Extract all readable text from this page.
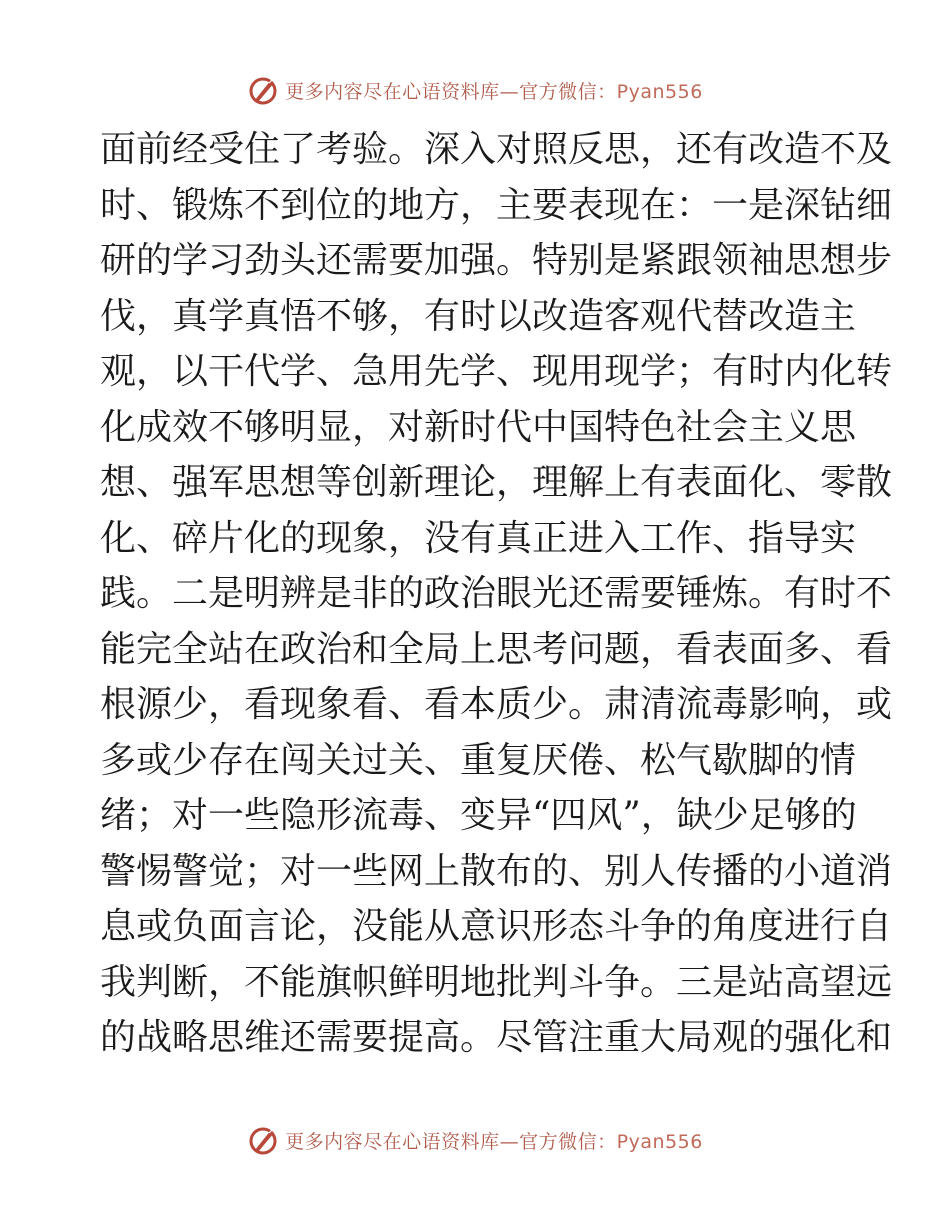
更多内容尽在心语资料库—官方微信：Pyan556
面前经受住了考验。深入对照反思，还有改造不及
时、锻炼不到位的地方，主要表现在：一是深钻细
研的学习劲头还需要加强。特别是紧跟领袖思想步
伐，真学真悟不够，有时以改造客观代替改造主
观，以干代学、急用先学、现用现学；有时内化转
化成效不够明显，对新时代中国特色社会主义思
想、强军思想等创新理论，理解上有表面化、零散
化、碎片化的现象，没有真正进入工作、指导实
践。二是明辨是非的政治眼光还需要锤炼。有时不
能完全站在政治和全局上思考问题，看表面多、看
根源少，看现象看、看本质少。肃清流毒影响，或
多或少存在闯关过关、重复厌倦、松气歇脚的情
绪；对一些隐形流毒、变异“四风”，缺少足够的
警惕警觉；对一些网上散布的、别人传播的小道消
息或负面言论，没能从意识形态斗争的角度进行自
我判断，不能旗帜鲜明地批判斗争。三是站高望远
的战略思维还需要提高。尽管注重大局观的强化和
更多内容尽在心语资料库—官方微信：Pyan556
